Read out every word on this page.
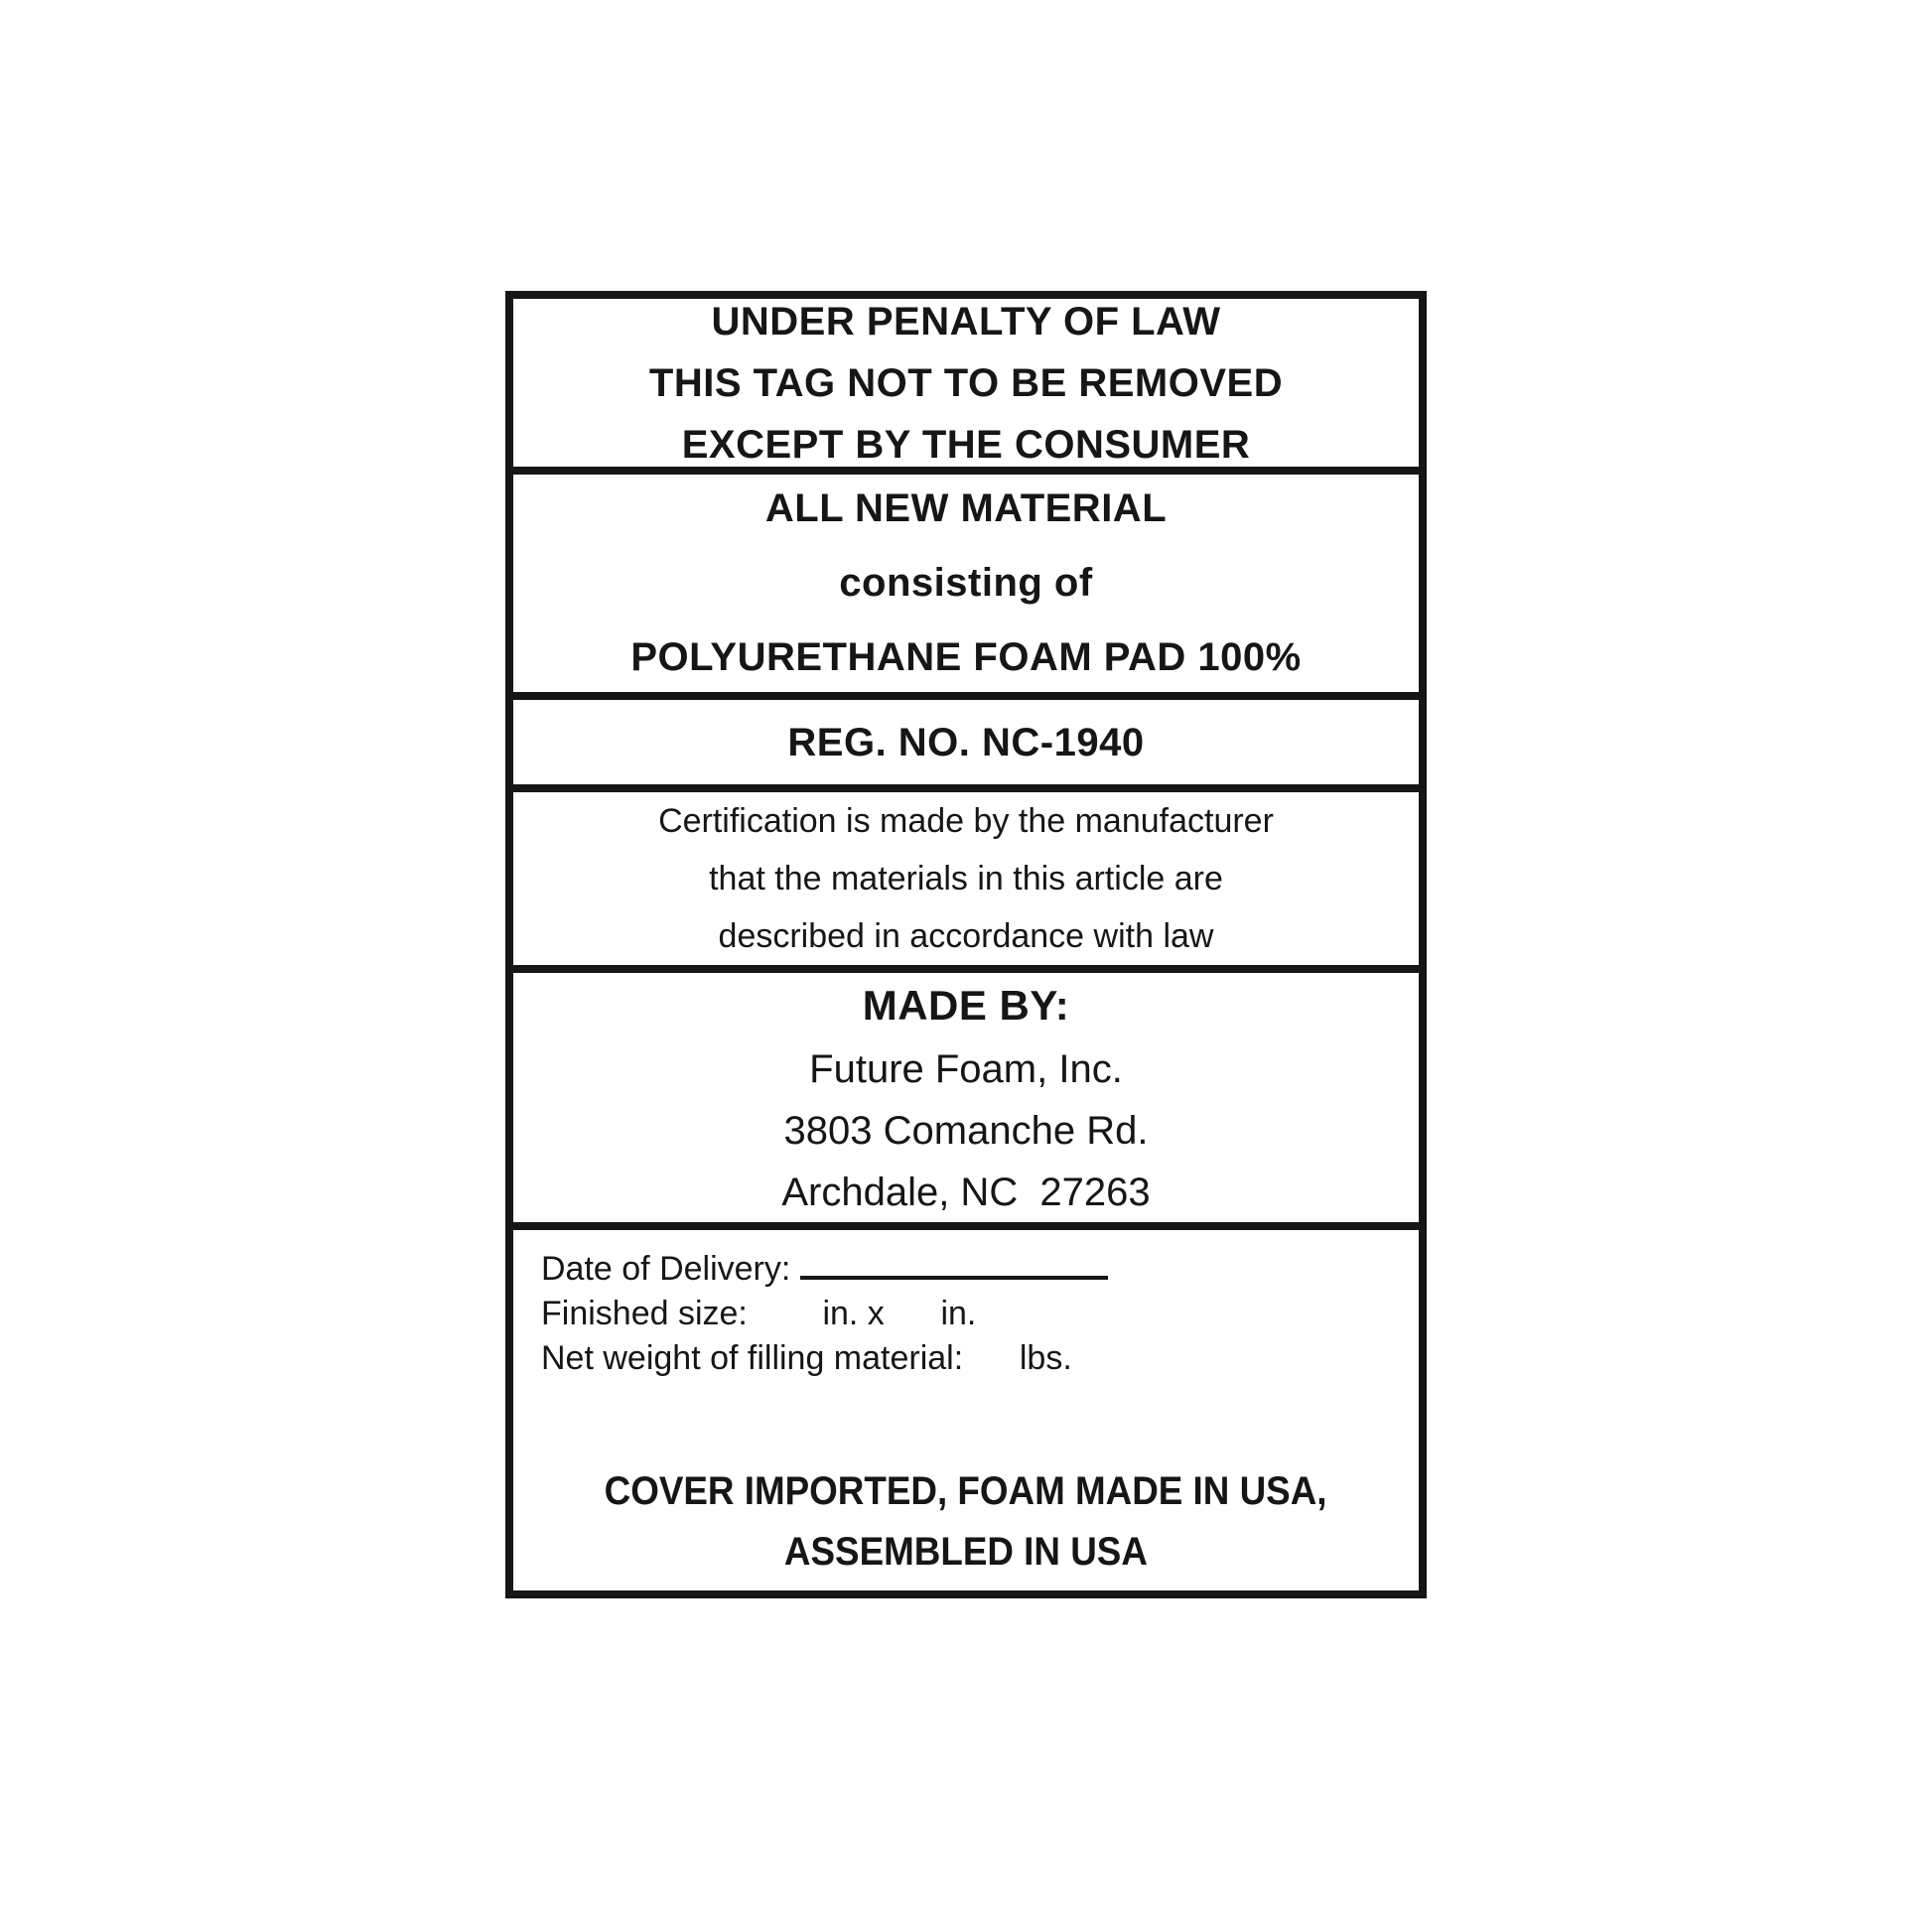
UNDER PENALTY OF LAW
THIS TAG NOT TO BE REMOVED
EXCEPT BY THE CONSUMER
ALL NEW MATERIAL
consisting of
POLYURETHANE FOAM PAD 100%
REG. NO. NC-1940
Certification is made by the manufacturer
that the materials in this article are
described in accordance with law
MADE BY:
Future Foam, Inc.
3803 Comanche Rd.
Archdale, NC  27263
Date of Delivery:
Finished size:        in. x      in.
Net weight of filling material:      lbs.
COVER IMPORTED, FOAM MADE IN USA,
ASSEMBLED IN USA
